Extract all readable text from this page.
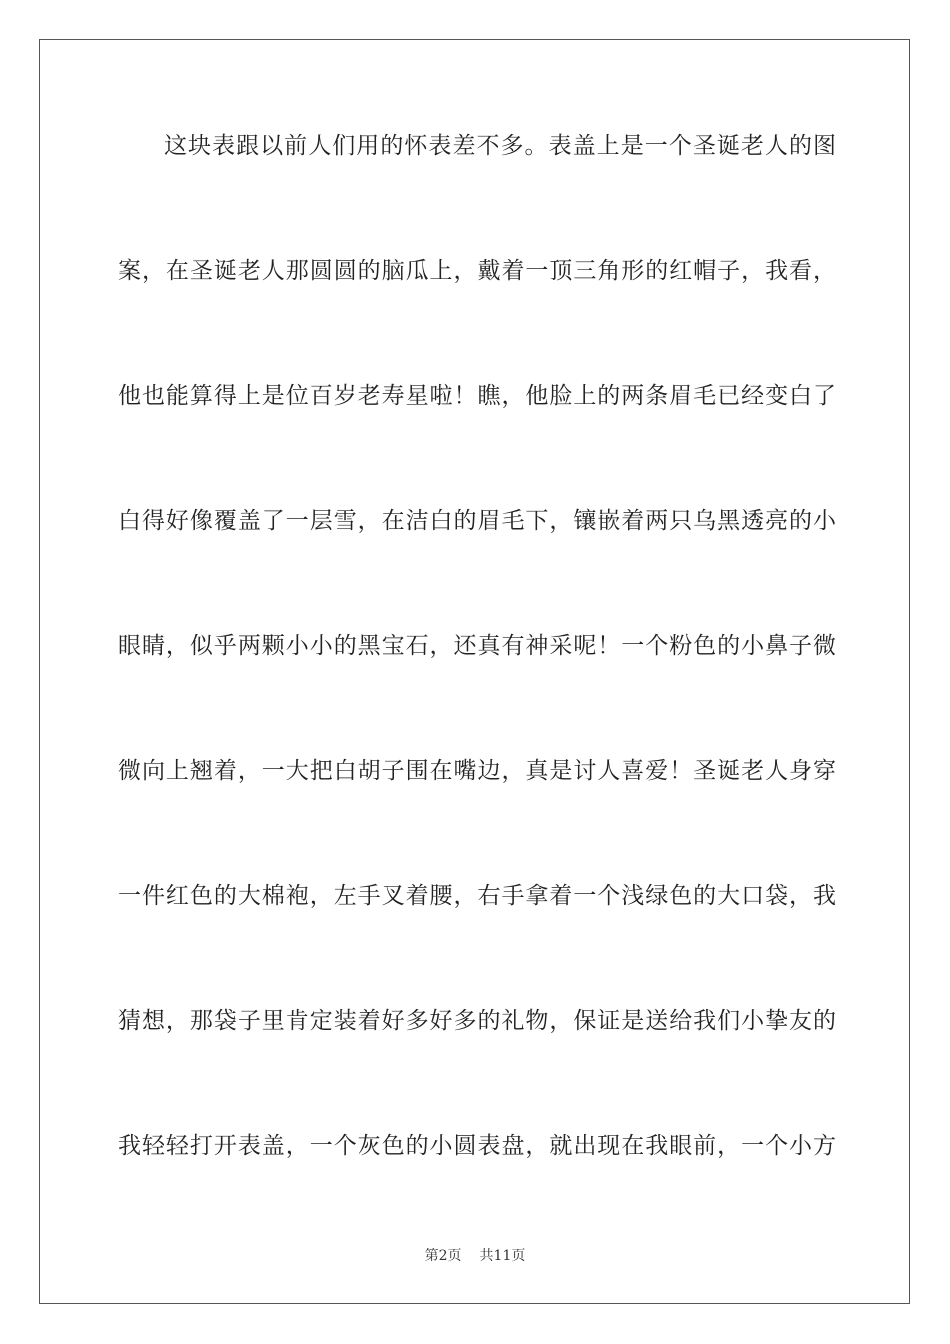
这块表跟以前人们用的怀表差不多。表盖上是一个圣诞老人的图
案，在圣诞老人那圆圆的脑瓜上，戴着一顶三角形的红帽子，我看，
他也能算得上是位百岁老寿星啦！瞧，他脸上的两条眉毛已经变白了
白得好像覆盖了一层雪，在洁白的眉毛下，镶嵌着两只乌黑透亮的小
眼睛，似乎两颗小小的黑宝石，还真有神采呢！一个粉色的小鼻子微
微向上翘着，一大把白胡子围在嘴边，真是讨人喜爱！圣诞老人身穿
一件红色的大棉袍，左手叉着腰，右手拿着一个浅绿色的大口袋，我
猜想，那袋子里肯定装着好多好多的礼物，保证是送给我们小挚友的
我轻轻打开表盖，一个灰色的小圆表盘，就出现在我眼前，一个小方
第2页 共11页
